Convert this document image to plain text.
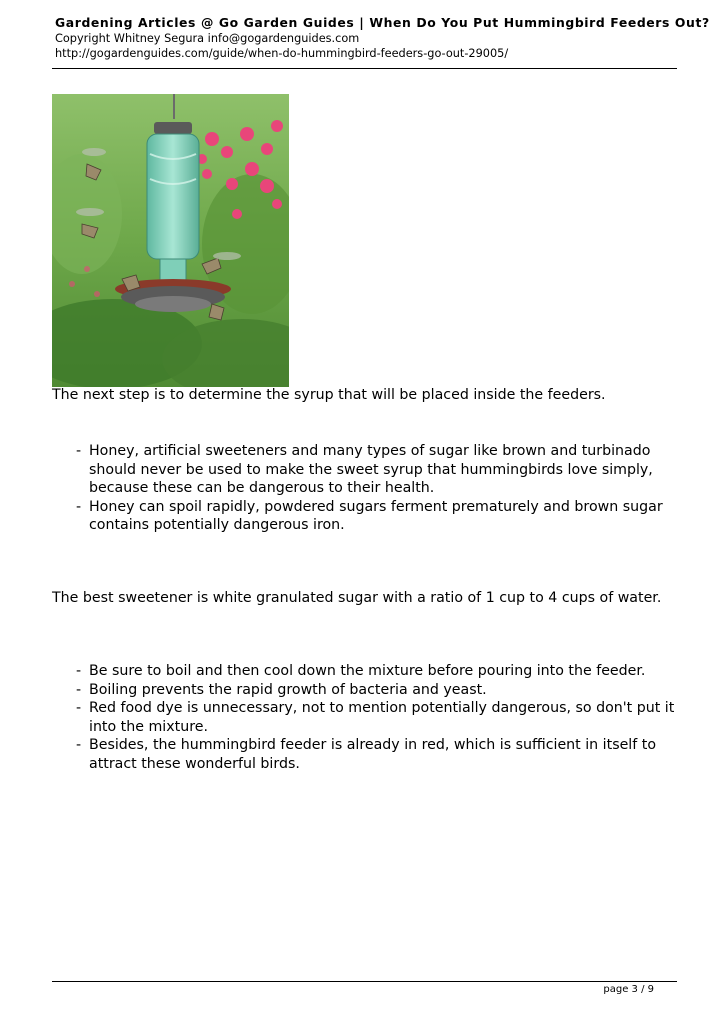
Gardening Articles @ Go Garden Guides | When Do You Put Hummingbird Feeders Out?
Copyright Whitney Segura info@gogardenguides.com
http://gogardenguides.com/guide/when-do-hummingbird-feeders-go-out-29005/
The next step is to determine the syrup that will be placed inside the feeders.
- Honey, artificial sweeteners and many types of sugar like brown and turbinado should never be used to make the sweet syrup that hummingbirds love simply, because these can be dangerous to their health.
- Honey can spoil rapidly, powdered sugars ferment prematurely and brown sugar contains potentially dangerous iron.
The best sweetener is white granulated sugar with a ratio of 1 cup to 4 cups of water.
- Be sure to boil and then cool down the mixture before pouring into the feeder.
- Boiling prevents the rapid growth of bacteria and yeast.
- Red food dye is unnecessary, not to mention potentially dangerous, so don't put it into the mixture.
- Besides, the hummingbird feeder is already in red, which is sufficient in itself to attract these wonderful birds.
page 3 / 9
